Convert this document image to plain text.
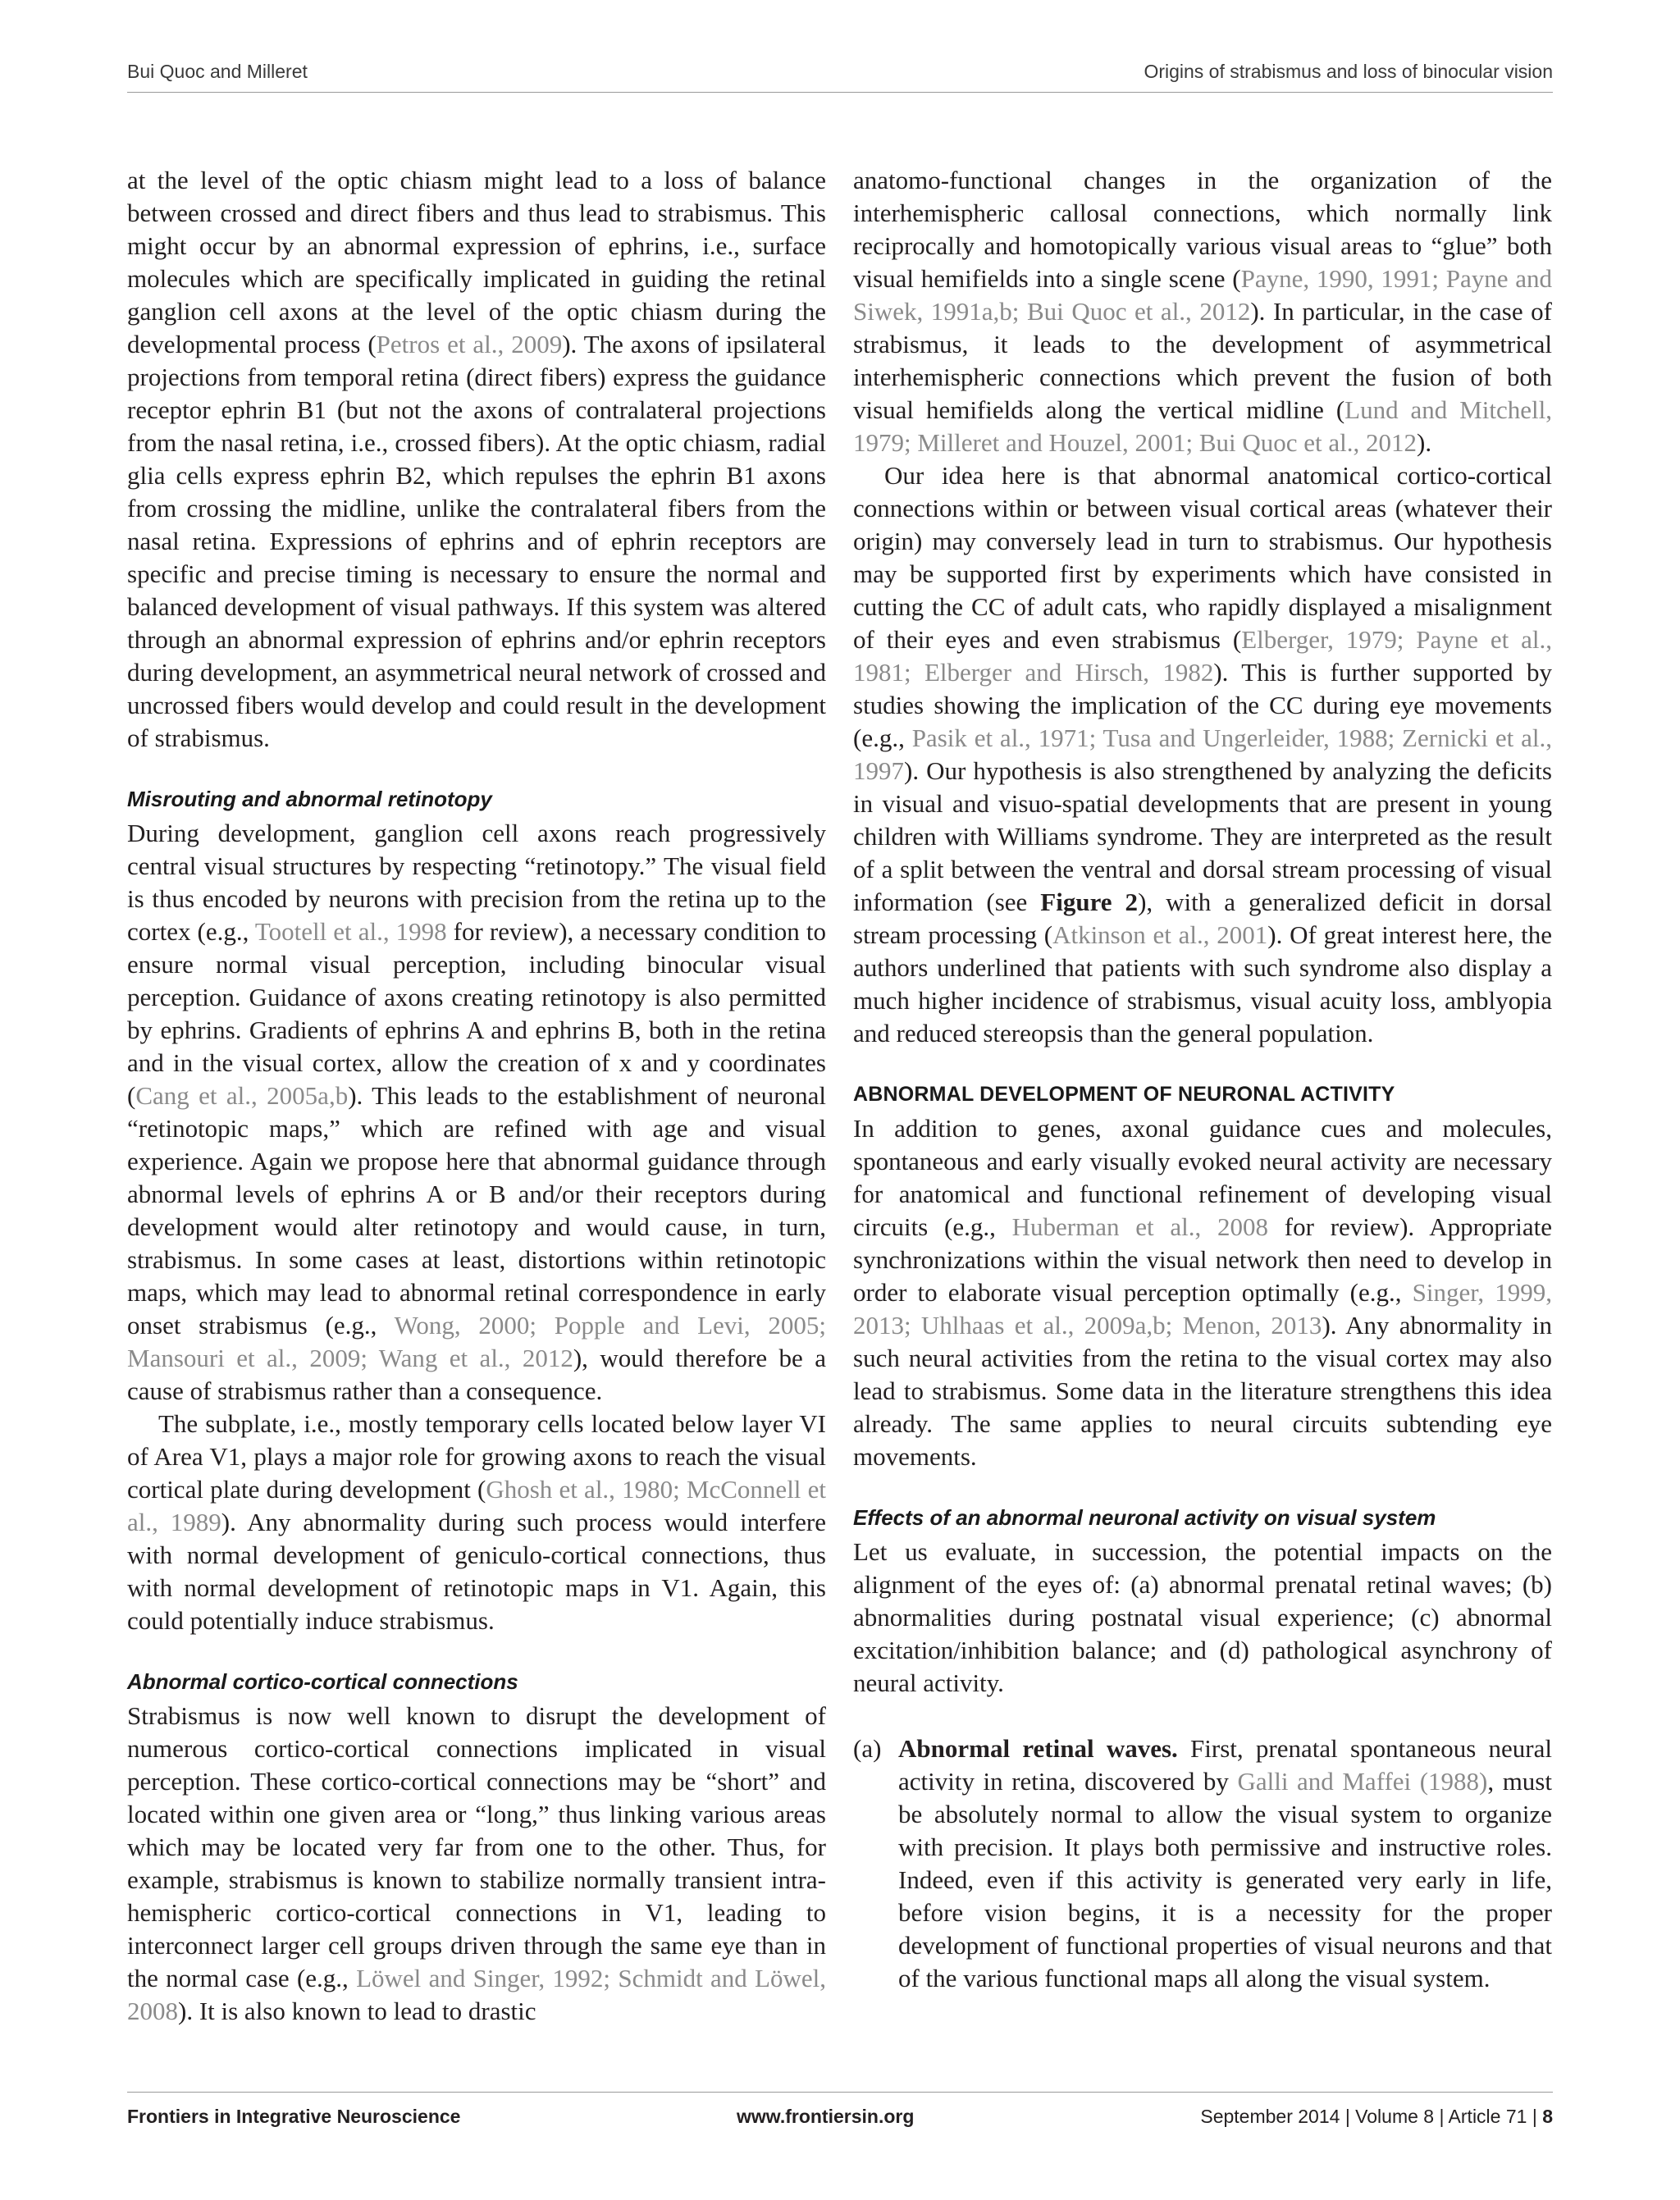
Bui Quoc and Milleret	Origins of strabismus and loss of binocular vision

at the level of the optic chiasm might lead to a loss of balance between crossed and direct fibers and thus lead to strabismus. This might occur by an abnormal expression of ephrins, i.e., surface molecules which are specifically implicated in guiding the retinal ganglion cell axons at the level of the optic chiasm during the developmental process (Petros et al., 2009). The axons of ipsilateral projections from temporal retina (direct fibers) express the guidance receptor ephrin B1 (but not the axons of contralateral projections from the nasal retina, i.e., crossed fibers). At the optic chiasm, radial glia cells express ephrin B2, which repulses the ephrin B1 axons from crossing the midline, unlike the contralateral fibers from the nasal retina. Expressions of ephrins and of ephrin receptors are specific and precise timing is necessary to ensure the normal and balanced development of visual pathways. If this system was altered through an abnormal expression of ephrins and/or ephrin receptors during development, an asymmetrical neural network of crossed and uncrossed fibers would develop and could result in the development of strabismus.

Misrouting and abnormal retinotopy

During development, ganglion cell axons reach progressively central visual structures by respecting “retinotopy.” The visual field is thus encoded by neurons with precision from the retina up to the cortex (e.g., Tootell et al., 1998 for review), a necessary condition to ensure normal visual perception, including binocular visual perception. Guidance of axons creating retinotopy is also permitted by ephrins. Gradients of ephrins A and ephrins B, both in the retina and in the visual cortex, allow the creation of x and y coordinates (Cang et al., 2005a,b). This leads to the establishment of neuronal “retinotopic maps,” which are refined with age and visual experience. Again we propose here that abnormal guidance through abnormal levels of ephrins A or B and/or their receptors during development would alter retinotopy and would cause, in turn, strabismus. In some cases at least, distortions within retinotopic maps, which may lead to abnormal retinal correspondence in early onset strabismus (e.g., Wong, 2000; Popple and Levi, 2005; Mansouri et al., 2009; Wang et al., 2012), would therefore be a cause of strabismus rather than a consequence.

The subplate, i.e., mostly temporary cells located below layer VI of Area V1, plays a major role for growing axons to reach the visual cortical plate during development (Ghosh et al., 1980; McConnell et al., 1989). Any abnormality during such process would interfere with normal development of geniculo-cortical connections, thus with normal development of retinotopic maps in V1. Again, this could potentially induce strabismus.

Abnormal cortico-cortical connections

Strabismus is now well known to disrupt the development of numerous cortico-cortical connections implicated in visual perception. These cortico-cortical connections may be “short” and located within one given area or “long,” thus linking various areas which may be located very far from one to the other. Thus, for example, strabismus is known to stabilize normally transient intra-hemispheric cortico-cortical connections in V1, leading to interconnect larger cell groups driven through the same eye than in the normal case (e.g., Löwel and Singer, 1992; Schmidt and Löwel, 2008). It is also known to lead to drastic

anatomo-functional changes in the organization of the interhemispheric callosal connections, which normally link reciprocally and homotopically various visual areas to “glue” both visual hemifields into a single scene (Payne, 1990, 1991; Payne and Siwek, 1991a,b; Bui Quoc et al., 2012). In particular, in the case of strabismus, it leads to the development of asymmetrical interhemispheric connections which prevent the fusion of both visual hemifields along the vertical midline (Lund and Mitchell, 1979; Milleret and Houzel, 2001; Bui Quoc et al., 2012).

Our idea here is that abnormal anatomical cortico-cortical connections within or between visual cortical areas (whatever their origin) may conversely lead in turn to strabismus. Our hypothesis may be supported first by experiments which have consisted in cutting the CC of adult cats, who rapidly displayed a misalignment of their eyes and even strabismus (Elberger, 1979; Payne et al., 1981; Elberger and Hirsch, 1982). This is further supported by studies showing the implication of the CC during eye movements (e.g., Pasik et al., 1971; Tusa and Ungerleider, 1988; Zernicki et al., 1997). Our hypothesis is also strengthened by analyzing the deficits in visual and visuo-spatial developments that are present in young children with Williams syndrome. They are interpreted as the result of a split between the ventral and dorsal stream processing of visual information (see Figure 2), with a generalized deficit in dorsal stream processing (Atkinson et al., 2001). Of great interest here, the authors underlined that patients with such syndrome also display a much higher incidence of strabismus, visual acuity loss, amblyopia and reduced stereopsis than the general population.

ABNORMAL DEVELOPMENT OF NEURONAL ACTIVITY

In addition to genes, axonal guidance cues and molecules, spontaneous and early visually evoked neural activity are necessary for anatomical and functional refinement of developing visual circuits (e.g., Huberman et al., 2008 for review). Appropriate synchronizations within the visual network then need to develop in order to elaborate visual perception optimally (e.g., Singer, 1999, 2013; Uhlhaas et al., 2009a,b; Menon, 2013). Any abnormality in such neural activities from the retina to the visual cortex may also lead to strabismus. Some data in the literature strengthens this idea already. The same applies to neural circuits subtending eye movements.

Effects of an abnormal neuronal activity on visual system

Let us evaluate, in succession, the potential impacts on the alignment of the eyes of: (a) abnormal prenatal retinal waves; (b) abnormalities during postnatal visual experience; (c) abnormal excitation/inhibition balance; and (d) pathological asynchrony of neural activity.

(a) Abnormal retinal waves. First, prenatal spontaneous neural activity in retina, discovered by Galli and Maffei (1988), must be absolutely normal to allow the visual system to organize with precision. It plays both permissive and instructive roles. Indeed, even if this activity is generated very early in life, before vision begins, it is a necessity for the proper development of functional properties of visual neurons and that of the various functional maps all along the visual system.
Frontiers in Integrative Neuroscience	www.frontiersin.org	September 2014 | Volume 8 | Article 71 | 8
